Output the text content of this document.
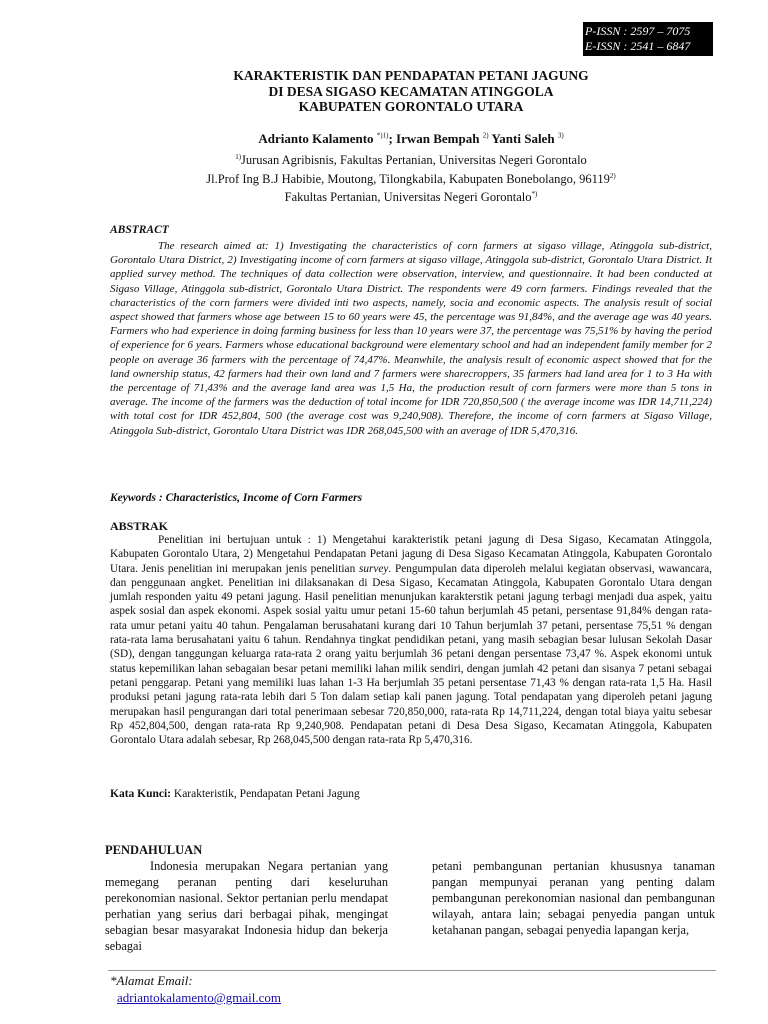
P-ISSN : 2597 – 7075
E-ISSN : 2541 – 6847
KARAKTERISTIK DAN PENDAPATAN PETANI JAGUNG
DI DESA SIGASO KECAMATAN ATINGGOLA
KABUPATEN GORONTALO UTARA
Adrianto Kalamento $^{*)1)}$; Irwan Bempah $^{2)}$ Yanti Saleh $^{3)}$
$^{1)}$Jurusan Agribisnis, Fakultas Pertanian, Universitas Negeri Gorontalo
Jl.Prof Ing B.J Habibie, Moutong, Tilongkabila, Kabupaten Bonebolango, 96119$^{2)}$
Fakultas Pertanian, Universitas Negeri Gorontalo*)
ABSTRACT

The research aimed at: 1) Investigating the characteristics of corn farmers at sigaso village, Atinggola sub-district, Gorontalo Utara District, 2) Investigating income of corn farmers at sigaso village, Atinggola sub-district, Gorontalo Utara District. It applied survey method. The techniques of data collection were observation, interview, and questionnaire. It had been conducted at Sigaso Village, Atinggola sub-district, Gorontalo Utara District. The respondents were 49 corn farmers. Findings revealed that the characteristics of the corn farmers were divided inti two aspects, namely, socia and economic aspects. The analysis result of social aspect showed that farmers whose age between 15 to 60 years were 45, the percentage was 91,84%, and the average age was 40 years. Farmers who had experience in doing farming business for less than 10 years were 37, the percentage was 75,51% by having the period of experience for 6 years. Farmers whose educational background were elementary school and had an independent family member for 2 people on average 36 farmers with the percentage of 74,47%. Meanwhile, the analysis result of economic aspect showed that for the land ownership status, 42 farmers had their own land and 7 farmers were sharecroppers, 35 farmers had land area for 1 to 3 Ha with the percentage of 71,43% and the average land area was 1,5 Ha, the production result of corn farmers were more than 5 tons in average. The income of the farmers was the deduction of total income for IDR 720,850,500 ( the average income was IDR 14,711,224) with total cost for IDR 452,804, 500 (the average cost was 9,240,908). Therefore, the income of corn farmers at Sigaso Village, Atinggola Sub-district, Gorontalo Utara District was IDR 268,045,500 with an average of IDR 5,470,316.

Keywords : Characteristics, Income of Corn Farmers
ABSTRAK

Penelitian ini bertujuan untuk : 1) Mengetahui karakteristik petani jagung di Desa Sigaso, Kecamatan Atinggola, Kabupaten Gorontalo Utara, 2) Mengetahui Pendapatan Petani jagung di Desa Sigaso Kecamatan Atinggola, Kabupaten Gorontalo Utara. Jenis penelitian ini merupakan jenis penelitian survey. Pengumpulan data diperoleh melalui kegiatan observasi, wawancara, dan penggunaan angket. Penelitian ini dilaksanakan di Desa Sigaso, Kecamatan Atinggola, Kabupaten Gorontalo Utara dengan jumlah responden yaitu 49 petani jagung. Hasil penelitian menunjukan karakterstik petani jagung terbagi menjadi dua aspek, yaitu aspek sosial dan aspek ekonomi. Aspek sosial yaitu umur petani 15-60 tahun berjumlah 45 petani, persentase 91,84% dengan rata-rata umur petani yaitu 40 tahun. Pengalaman berusahatani kurang dari 10 Tahun berjumlah 37 petani, persentase 75,51 % dengan rata-rata lama berusahatani yaitu 6 tahun. Rendahnya tingkat pendidikan petani, yang masih sebagian besar lulusan Sekolah Dasar (SD), dengan tanggungan keluarga rata-rata 2 orang yaitu berjumlah 36 petani dengan persentase 73,47 %. Aspek ekonomi untuk status kepemilikan lahan sebagaian besar petani memiliki lahan milik sendiri, dengan jumlah 42 petani dan sisanya 7 petani sebagai petani penggarap. Petani yang memiliki luas lahan 1-3 Ha berjumlah 35 petani persentase 71,43 % dengan rata-rata 1,5 Ha. Hasil produksi petani jagung rata-rata lebih dari 5 Ton dalam setiap kali panen jagung. Total pendapatan yang diperoleh petani jagung merupakan hasil pengurangan dari total penerimaan sebesar 720,850,000, rata-rata Rp 14,711,224, dengan total biaya yaitu sebesar Rp 452,804,500, dengan rata-rata Rp 9,240,908. Pendapatan petani di Desa Desa Sigaso, Kecamatan Atinggola, Kabupaten Gorontalo Utara adalah sebesar, Rp 268,045,500 dengan rata-rata Rp 5,470,316.

Kata Kunci: Karakteristik, Pendapatan Petani Jagung
PENDAHULUAN

Indonesia merupakan Negara pertanian yang memegang peranan penting dari keseluruhan perekonomian nasional. Sektor pertanian perlu mendapat perhatian yang serius dari berbagai pihak, mengingat sebagian besar masyarakat Indonesia hidup dan bekerja sebagai

petani pembangunan pertanian khususnya tanaman pangan mempunyai peranan yang penting dalam pembangunan perekonomian nasional dan pembangunan wilayah, antara lain; sebagai penyedia pangan untuk ketahanan pangan, sebagai penyedia lapangan kerja,

*Alamat Email:
adriantokalamento@gmail.com
